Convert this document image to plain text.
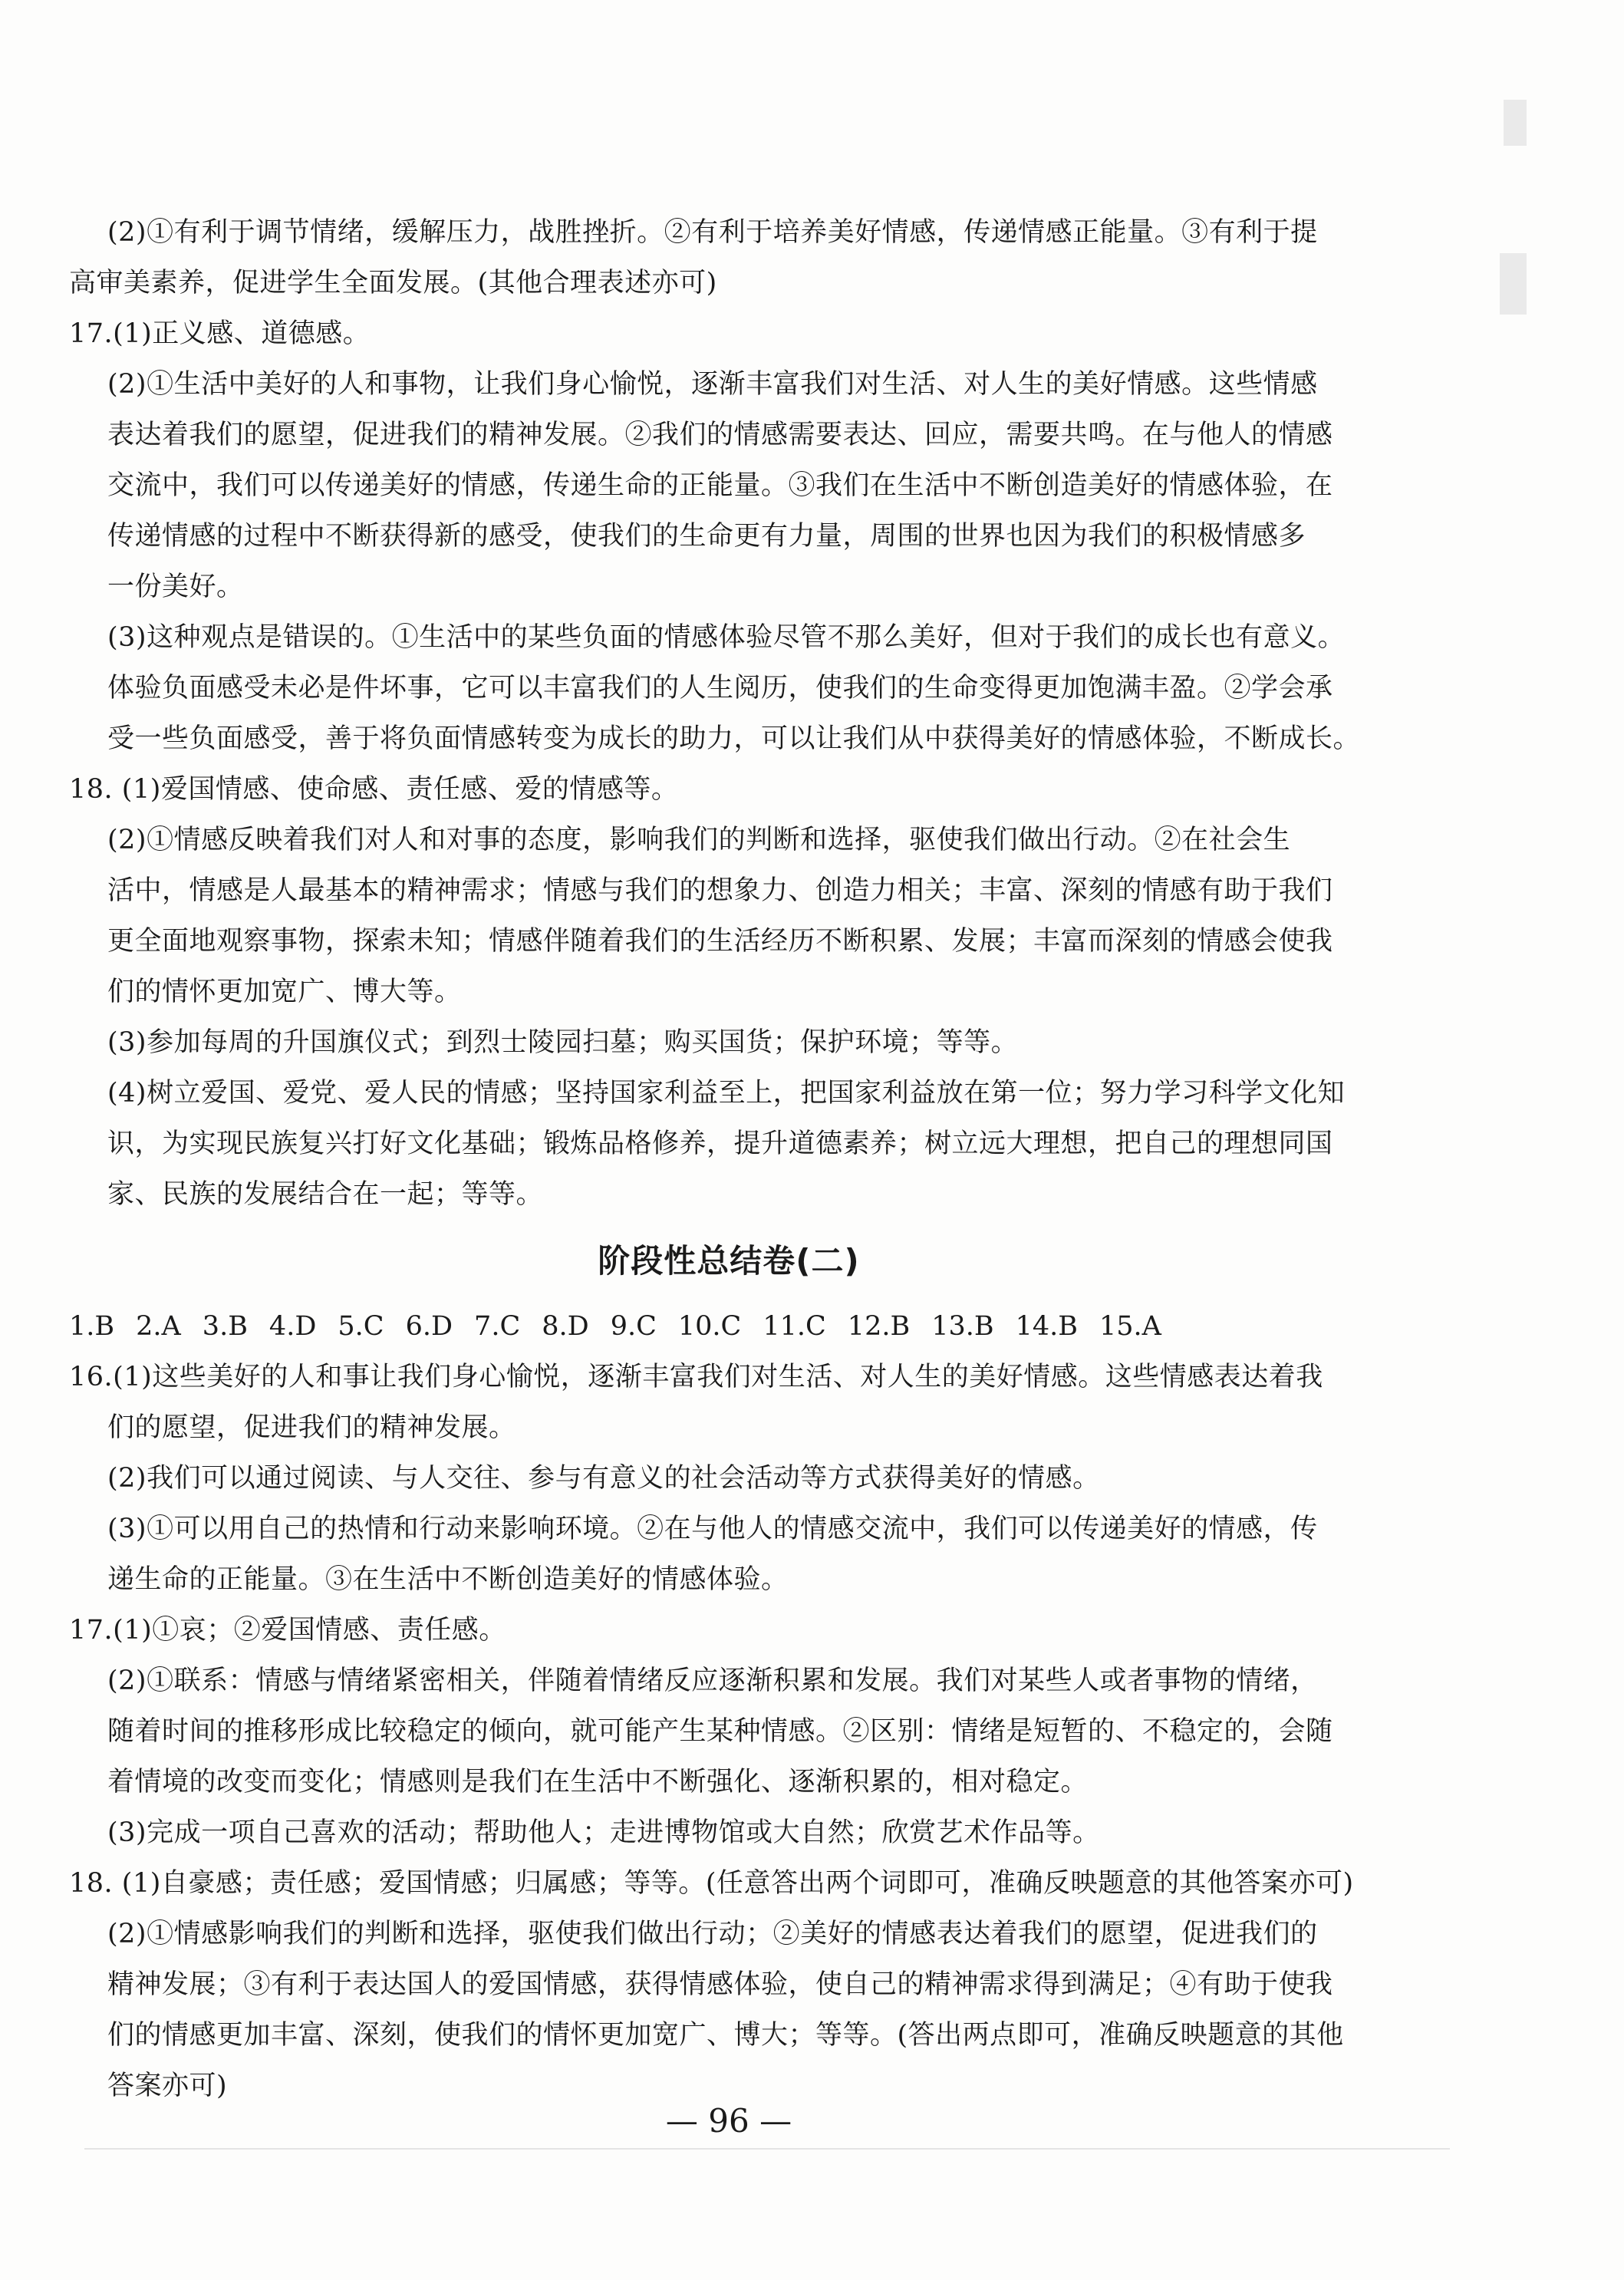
(2)①有利于调节情绪，缓解压力，战胜挫折。②有利于培养美好情感，传递情感正能量。③有利于提
高审美素养，促进学生全面发展。(其他合理表述亦可)
17.(1)正义感、道德感。
(2)①生活中美好的人和事物，让我们身心愉悦，逐渐丰富我们对生活、对人生的美好情感。这些情感
表达着我们的愿望，促进我们的精神发展。②我们的情感需要表达、回应，需要共鸣。在与他人的情感
交流中，我们可以传递美好的情感，传递生命的正能量。③我们在生活中不断创造美好的情感体验，在
传递情感的过程中不断获得新的感受，使我们的生命更有力量，周围的世界也因为我们的积极情感多
一份美好。
(3)这种观点是错误的。①生活中的某些负面的情感体验尽管不那么美好，但对于我们的成长也有意义。
体验负面感受未必是件坏事，它可以丰富我们的人生阅历，使我们的生命变得更加饱满丰盈。②学会承
受一些负面感受，善于将负面情感转变为成长的助力，可以让我们从中获得美好的情感体验，不断成长。
18. (1)爱国情感、使命感、责任感、爱的情感等。
(2)①情感反映着我们对人和对事的态度，影响我们的判断和选择，驱使我们做出行动。②在社会生
活中，情感是人最基本的精神需求；情感与我们的想象力、创造力相关；丰富、深刻的情感有助于我们
更全面地观察事物，探索未知；情感伴随着我们的生活经历不断积累、发展；丰富而深刻的情感会使我
们的情怀更加宽广、博大等。
(3)参加每周的升国旗仪式；到烈士陵园扫墓；购买国货；保护环境；等等。
(4)树立爱国、爱党、爱人民的情感；坚持国家利益至上，把国家利益放在第一位；努力学习科学文化知
识，为实现民族复兴打好文化基础；锻炼品格修养，提升道德素养；树立远大理想，把自己的理想同国
家、民族的发展结合在一起；等等。
阶段性总结卷(二)
1.B 2.A 3.B 4.D 5.C 6.D 7.C 8.D 9.C 10.C 11.C 12.B 13.B 14.B 15.A
16.(1)这些美好的人和事让我们身心愉悦，逐渐丰富我们对生活、对人生的美好情感。这些情感表达着我
们的愿望，促进我们的精神发展。
(2)我们可以通过阅读、与人交往、参与有意义的社会活动等方式获得美好的情感。
(3)①可以用自己的热情和行动来影响环境。②在与他人的情感交流中，我们可以传递美好的情感，传
递生命的正能量。③在生活中不断创造美好的情感体验。
17.(1)①哀；②爱国情感、责任感。
(2)①联系：情感与情绪紧密相关，伴随着情绪反应逐渐积累和发展。我们对某些人或者事物的情绪，
随着时间的推移形成比较稳定的倾向，就可能产生某种情感。②区别：情绪是短暂的、不稳定的，会随
着情境的改变而变化；情感则是我们在生活中不断强化、逐渐积累的，相对稳定。
(3)完成一项自己喜欢的活动；帮助他人；走进博物馆或大自然；欣赏艺术作品等。
18. (1)自豪感；责任感；爱国情感；归属感；等等。(任意答出两个词即可，准确反映题意的其他答案亦可)
(2)①情感影响我们的判断和选择，驱使我们做出行动；②美好的情感表达着我们的愿望，促进我们的
精神发展；③有利于表达国人的爱国情感，获得情感体验，使自己的精神需求得到满足；④有助于使我
们的情感更加丰富、深刻，使我们的情怀更加宽广、博大；等等。(答出两点即可，准确反映题意的其他
答案亦可)
— 96 —
